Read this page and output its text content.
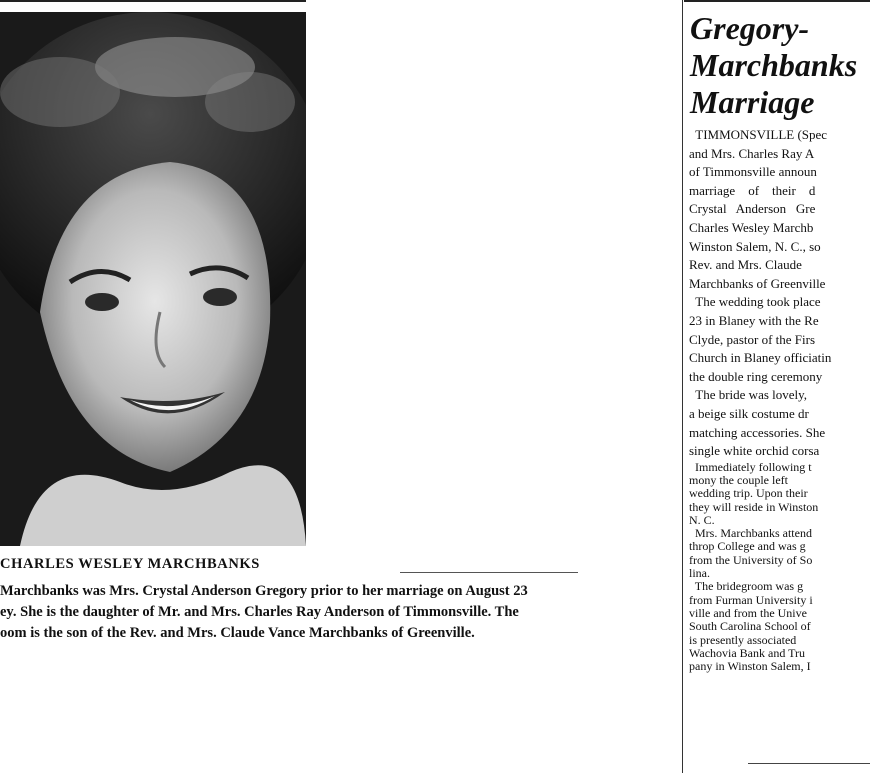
CHARLES WESLEY MARCHBANKS
Marchbanks was Mrs. Crystal Anderson Gregory prior to her marriage on August 23
ey. She is the daughter of Mr. and Mrs. Charles Ray Anderson of Timmonsville. The
oom is the son of the Rev. and Mrs. Claude Vance Marchbanks of Greenville.
Gregory-
Marchbanks
Marriage
TIMMONSVILLE (Spec
and Mrs. Charles Ray A
of Timmonsville announ
marriage    of    their    d
Crystal   Anderson   Gre
Charles Wesley Marchb
Winston Salem, N. C., so
Rev. and Mrs. Claude
Marchbanks of Greenville
The wedding took place
23 in Blaney with the Re
Clyde, pastor of the Firs
Church in Blaney officiatin
the double ring ceremony
The bride was lovely,
a beige silk costume dr
matching accessories. She
single white orchid corsa
Immediately following t
mony the couple left
wedding trip. Upon their
they will reside in Winston
N. C.
Mrs. Marchbanks attend
throp College and was g
from the University of So
lina.
The bridegroom was g
from Furman University i
ville and from the Unive
South Carolina School of
is presently associated
Wachovia Bank and Tru
pany in Winston Salem, I
